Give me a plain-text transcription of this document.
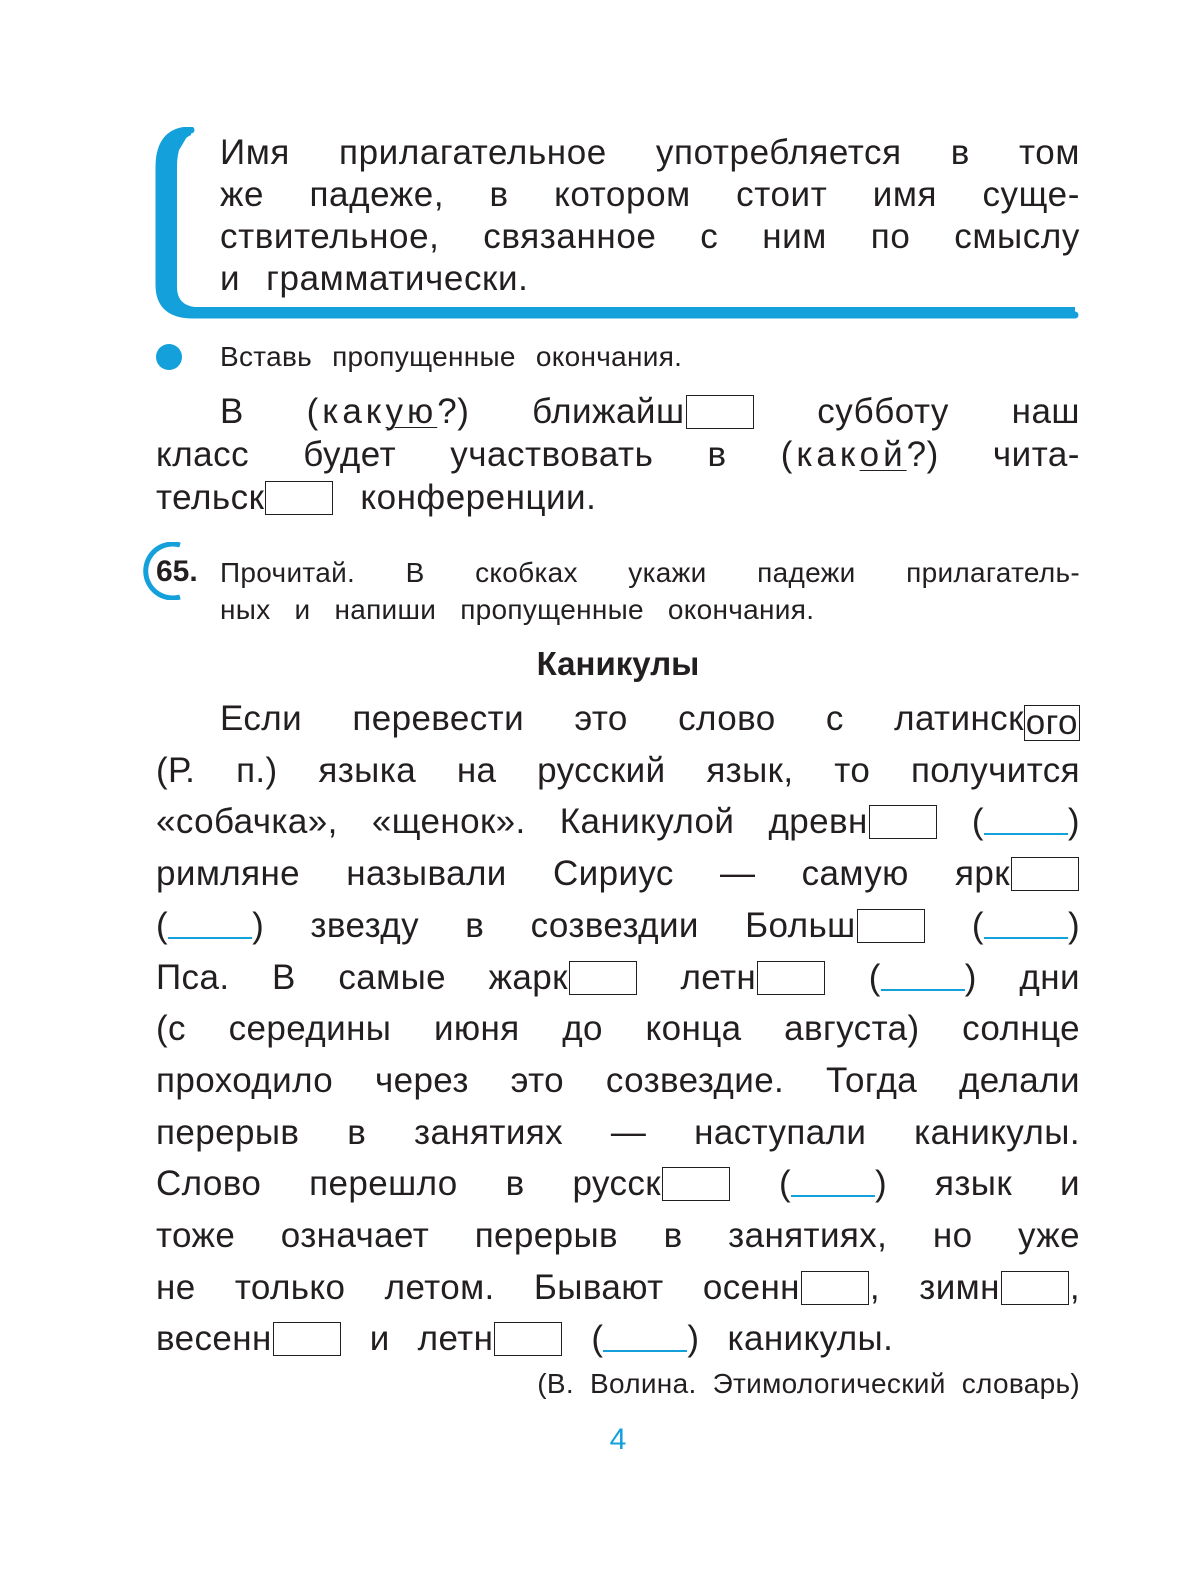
Имя прилагательное употребляется в том
же падеже, в котором стоит имя суще-
ствительное, связанное с ним по смыслу
и грамматически.
Вставь пропущенные окончания.
В (какую?) ближайш	субботу наш
класс будет участвовать в (какой?) чита-
тельск	конференции.
65. Прочитай. В скобках укажи падежи прилагатель-
ных и напиши пропущенные окончания.
Каникулы
Если перевести это слово с латинского
(Р. п.) языка на русский язык, то получится
«собачка», «щенок». Каникулой древн	( )
римляне называли Сириус — самую ярк
( ) звезду в созвездии Больш	( )
Пса. В самые жарк	летн	( ) дни
(с середины июня до конца августа) солнце
проходило через это созвездие. Тогда делали
перерыв в занятиях — наступали каникулы.
Слово перешло в русск	( ) язык и
тоже означает перерыв в занятиях, но уже
не только летом. Бывают осенн , зимн ,
весенн	и летн	( ) каникулы.
(В. Волина. Этимологический словарь)
4
